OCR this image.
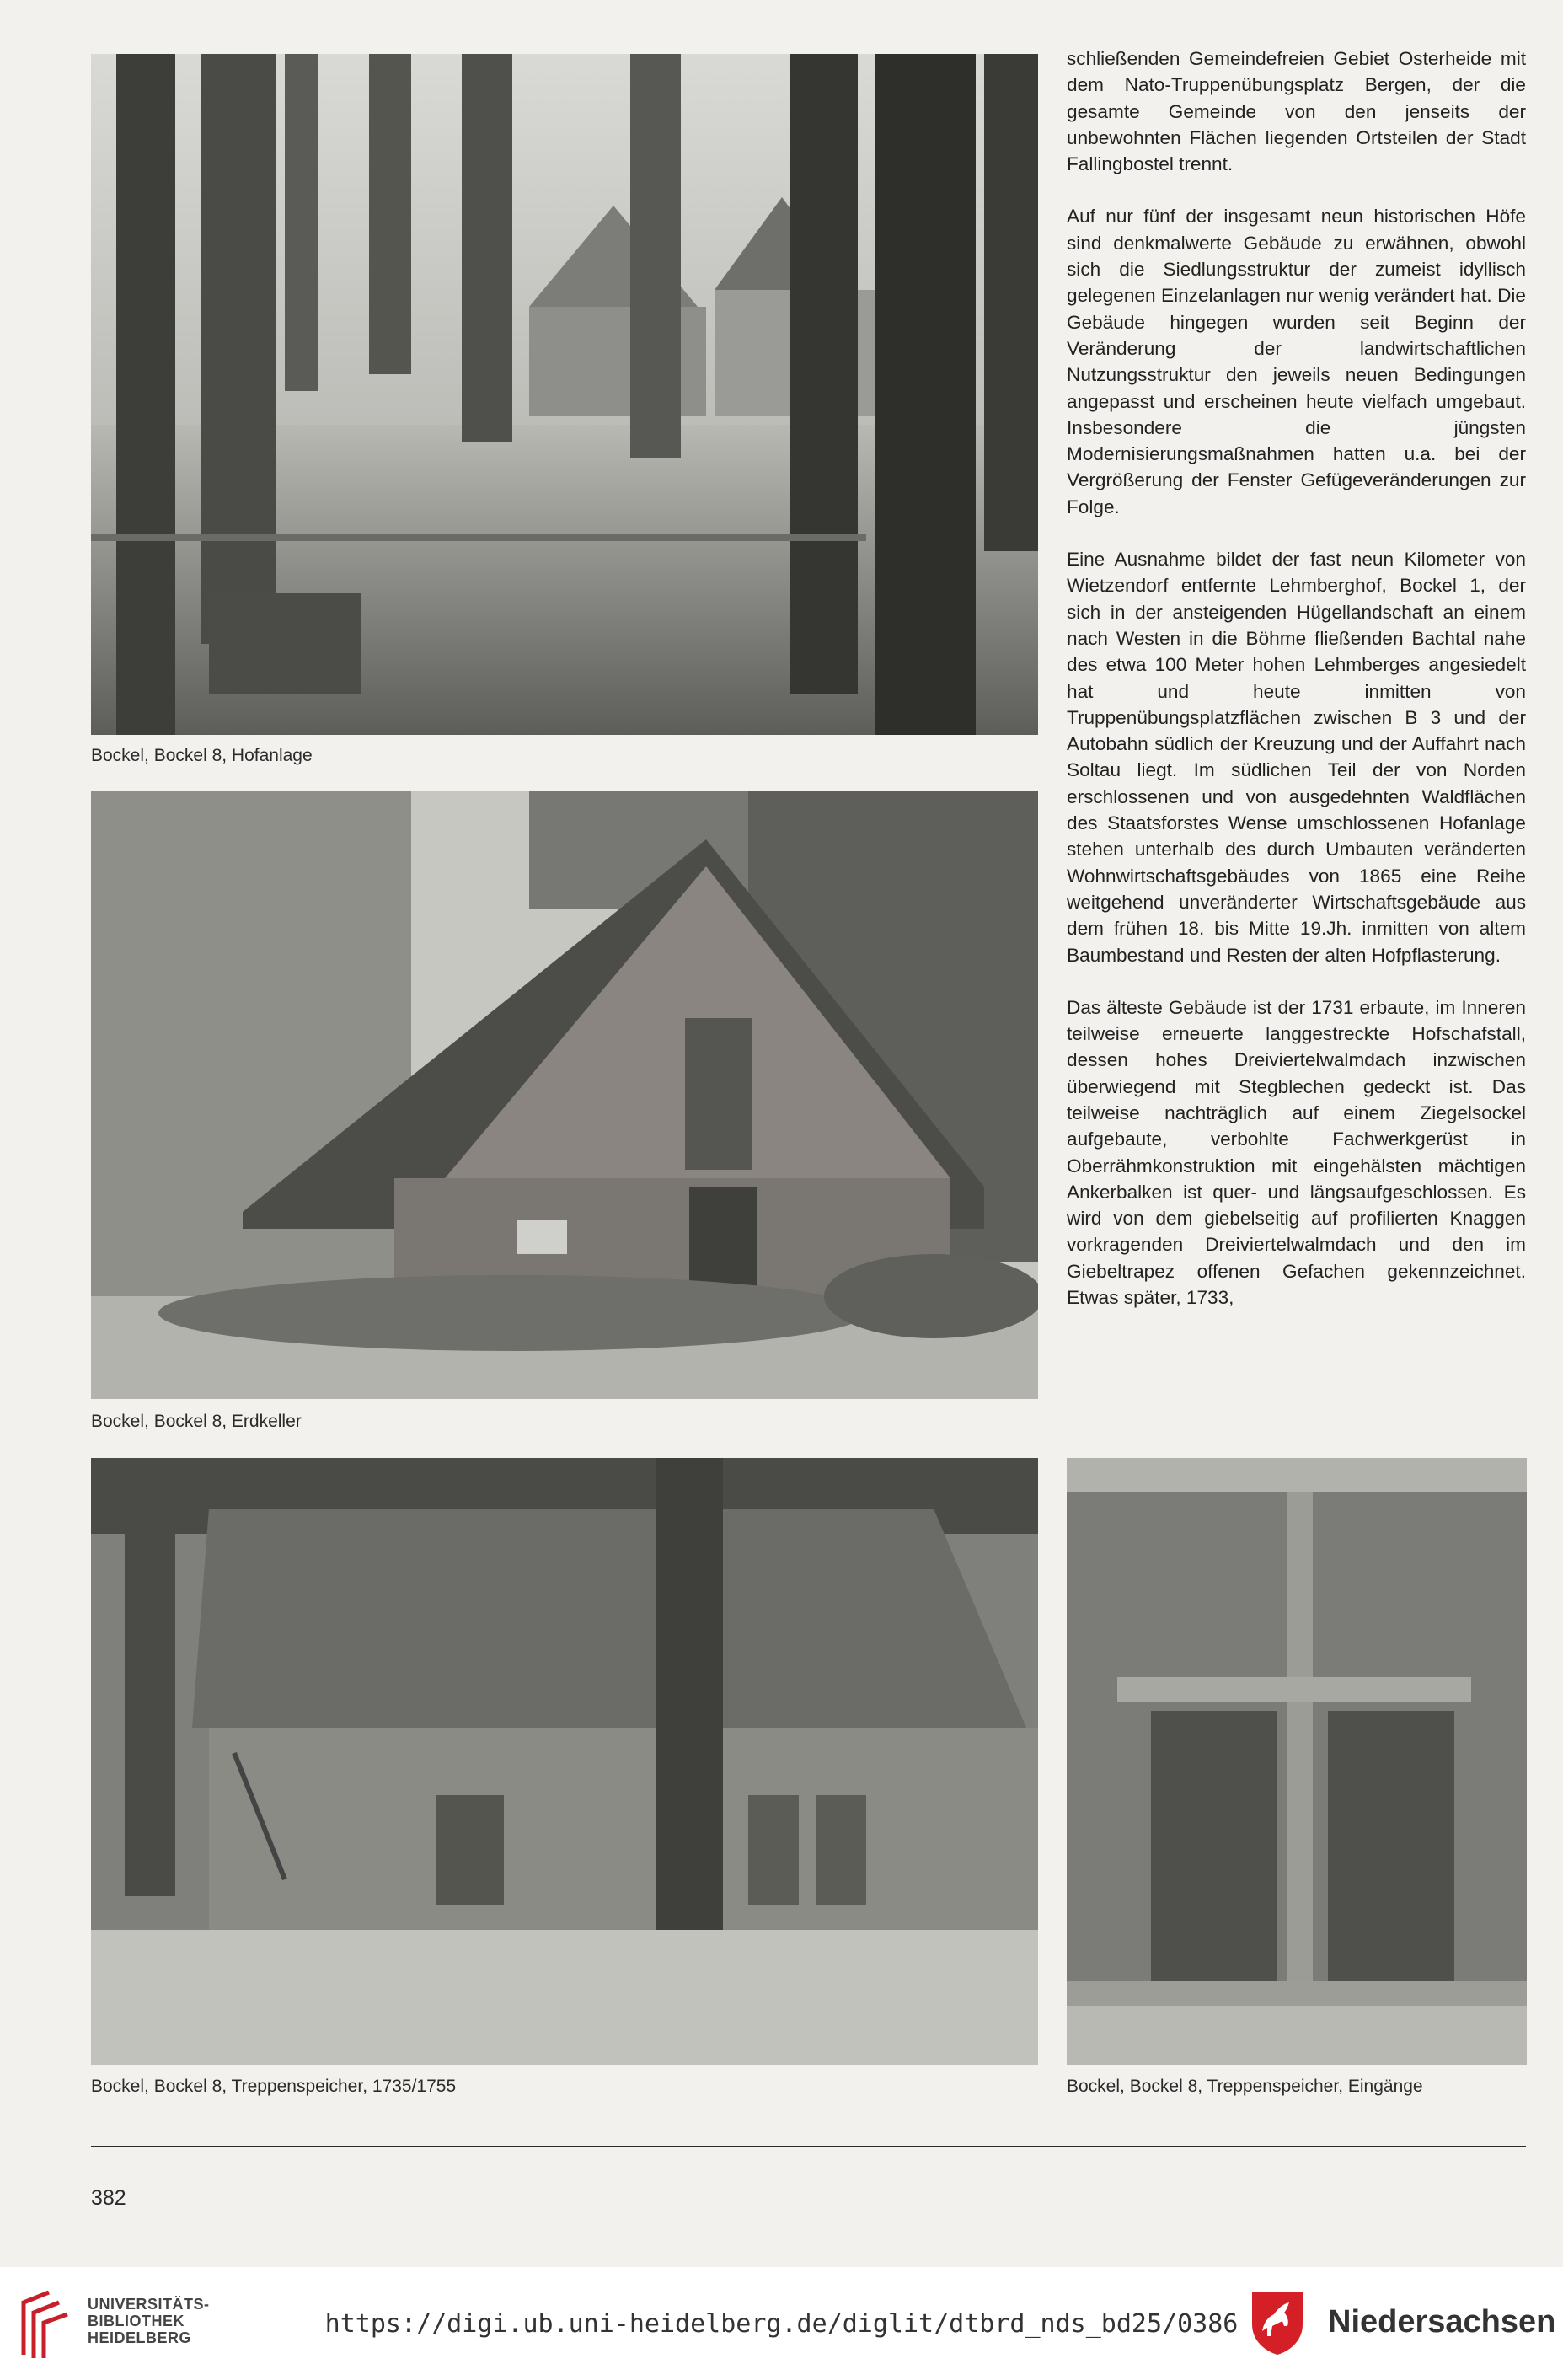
Bockel, Bockel 8, Hofanlage
Bockel, Bockel 8, Erdkeller
Bockel, Bockel 8, Treppenspeicher, 1735/1755	Bockel, Bockel 8, Treppenspeicher, Eingänge

schließenden Gemeindefreien Gebiet Osterheide mit dem Nato-Truppenübungsplatz Bergen, der die gesamte Gemeinde von den jenseits der unbewohnten Flächen liegenden Ortsteilen der Stadt Fallingbostel trennt.

Auf nur fünf der insgesamt neun historischen Höfe sind denkmalwerte Gebäude zu erwähnen, obwohl sich die Siedlungsstruktur der zumeist idyllisch gelegenen Einzelanlagen nur wenig verändert hat. Die Gebäude hingegen wurden seit Beginn der Veränderung der landwirtschaftlichen Nutzungsstruktur den jeweils neuen Bedingungen angepasst und erscheinen heute vielfach umgebaut. Insbesondere die jüngsten Modernisierungsmaßnahmen hatten u.a. bei der Vergrößerung der Fenster Gefügeveränderungen zur Folge.

Eine Ausnahme bildet der fast neun Kilometer von Wietzendorf entfernte Lehmberghof, Bockel 1, der sich in der ansteigenden Hügellandschaft an einem nach Westen in die Böhme fließenden Bachtal nahe des etwa 100 Meter hohen Lehmberges angesiedelt hat und heute inmitten von Truppenübungsplatzflächen zwischen B 3 und der Autobahn südlich der Kreuzung und der Auffahrt nach Soltau liegt. Im südlichen Teil der von Norden erschlossenen und von ausgedehnten Waldflächen des Staatsforstes Wense umschlossenen Hofanlage stehen unterhalb des durch Umbauten veränderten Wohnwirtschaftsgebäudes von 1865 eine Reihe weitgehend unveränderter Wirtschaftsgebäude aus dem frühen 18. bis Mitte 19.Jh. inmitten von altem Baumbestand und Resten der alten Hofpflasterung.

Das älteste Gebäude ist der 1731 erbaute, im Inneren teilweise erneuerte langgestreckte Hofschafstall, dessen hohes Dreiviertelwalmdach inzwischen überwiegend mit Stegblechen gedeckt ist. Das teilweise nachträglich auf einem Ziegelsockel aufgebaute, verbohlte Fachwerkgerüst in Oberrähmkonstruktion mit eingehälsten mächtigen Ankerbalken ist quer- und längsaufgeschlossen. Es wird von dem giebelseitig auf profilierten Knaggen vorkragenden Dreiviertelwalmdach und den im Giebeltrapez offenen Gefachen gekennzeichnet. Etwas später, 1733,

382
UNIVERSITÄTS-
BIBLIOTHEK
HEIDELBERG	https://digi.ub.uni-heidelberg.de/diglit/dtbrd_nds_bd25/0386	Niedersachsen
